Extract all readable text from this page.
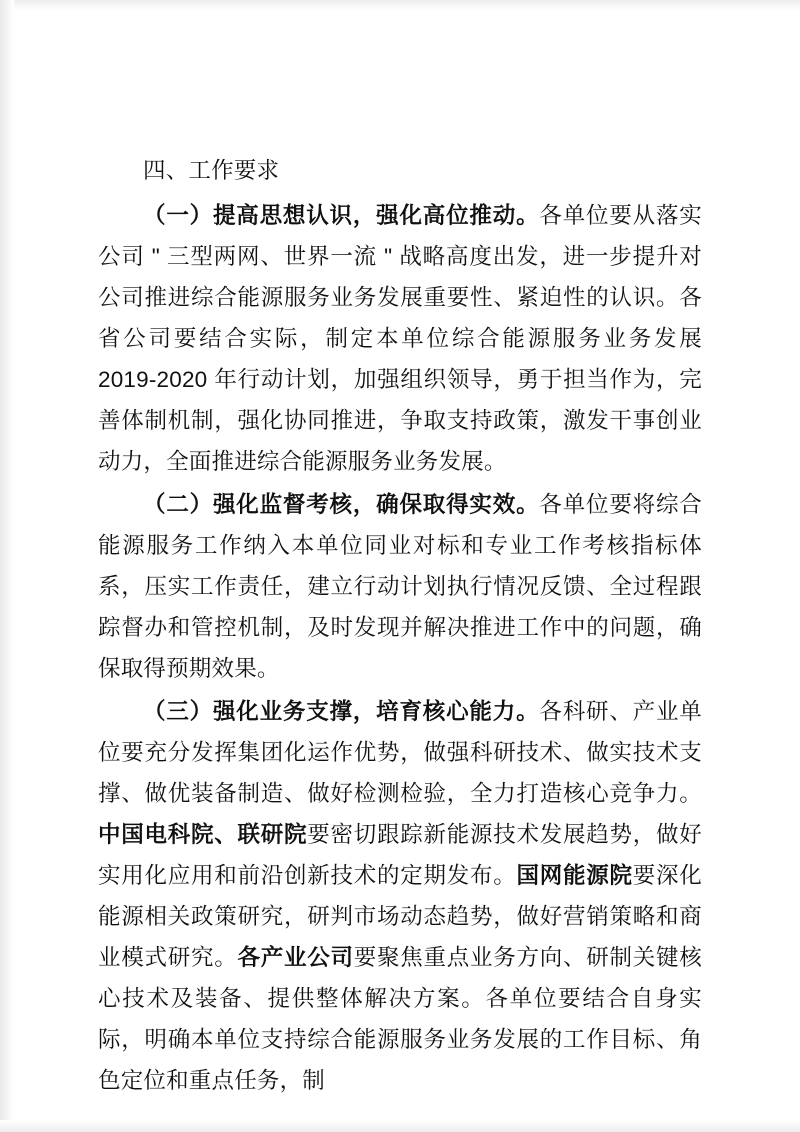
四、工作要求

（一）提高思想认识，强化高位推动。各单位要从落实公司 " 三型两网、世界一流 " 战略高度出发，进一步提升对公司推进综合能源服务业务发展重要性、紧迫性的认识。各省公司要结合实际，制定本单位综合能源服务业务发展 2019-2020 年行动计划，加强组织领导，勇于担当作为，完善体制机制，强化协同推进，争取支持政策，激发干事创业动力，全面推进综合能源服务业务发展。

（二）强化监督考核，确保取得实效。各单位要将综合能源服务工作纳入本单位同业对标和专业工作考核指标体系，压实工作责任，建立行动计划执行情况反馈、全过程跟踪督办和管控机制，及时发现并解决推进工作中的问题，确保取得预期效果。

（三）强化业务支撑，培育核心能力。各科研、产业单位要充分发挥集团化运作优势，做强科研技术、做实技术支撑、做优装备制造、做好检测检验，全力打造核心竞争力。中国电科院、联研院要密切跟踪新能源技术发展趋势，做好实用化应用和前沿创新技术的定期发布。国网能源院要深化能源相关政策研究，研判市场动态趋势，做好营销策略和商业模式研究。各产业公司要聚焦重点业务方向、研制关键核心技术及装备、提供整体解决方案。各单位要结合自身实际，明确本单位支持综合能源服务业务发展的工作目标、角色定位和重点任务，制
